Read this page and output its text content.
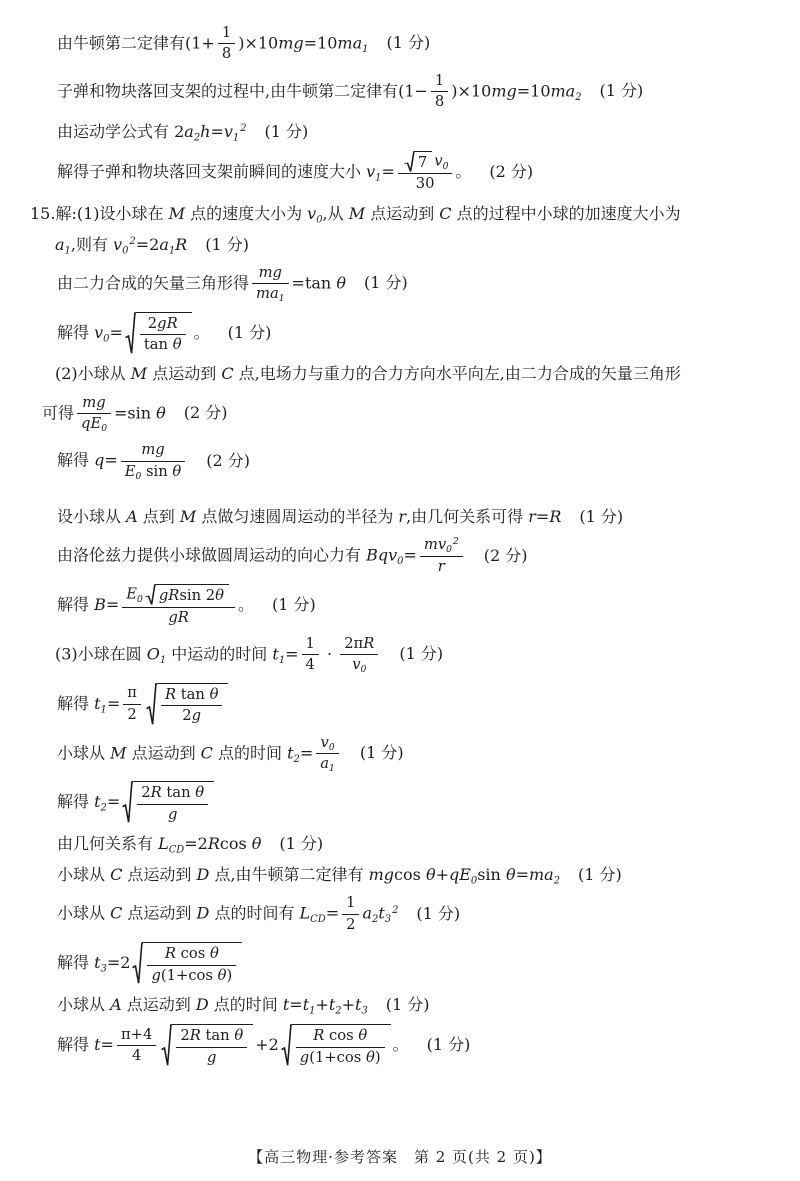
由牛顿第二定律有$(1+ \frac{1}{8} )\times 10mg=10ma_1$ (1 分)
子弹和物块落回支架的过程中,由牛顿第二定律有$(1- \frac{1}{8} )\times 10mg=10ma_2$ (1 分)
由运动学公式有 $2a_2h=v_1^2$ (1 分)
解得子弹和物块落回支架前瞬间的速度大小 $v_1= \frac{7 v_0}{30}$ 。 (2 分)
15.解:(1)设小球在 M 点的速度大小为 $v_0$,从 M 点运动到 C 点的过程中小球的加速度大小为
$a_1$,则有 $v_0^2=2a_1R$ (1 分)
由二力合成的矢量三角形得 $\frac{mg}{ma_1} =\tan$ θ (1 分)
解得 $v_0= \frac{2gR}{\text{tan θ}}$ 。 (1 分)
(2)小球从 M 点运动到 C 点,电场力与重力的合力方向水平向左,由二力合成的矢量三角形
可得 $\frac{mg}{qE_0} =\sin$ θ (2 分)
解得 $q= \frac{mg}{E_0 \sin \theta} (2$ 分)
设小球从 A 点到 M 点做匀速圆周运动的半径为 r,由几何关系可得 r=R (1 分)
由洛伦兹力提供小球做圆周运动的向心力有 $Bqv_0= \frac{mv_0^2}{r} (2$ 分)
解得 $B= \frac{E_0 gR \sin 2 \theta}{gR}$ 。 (1 分)
(3)小球在圆 $O_1$ 中运动的时间 $t_1= \frac{1}{4} \cdot \frac{2\pi R}{v_0} (1$ 分)
解得 $t_1= \frac{\pi}{2} \frac{\text{R tan θ}}{2g}$
小球从 M 点运动到 C 点的时间 $t_2= \frac{v_0}{a_1} (1$ 分)
解得 $t_2= \frac{\text{2R tan θ}}{g}$
由几何关系有 $L_{CD}=2Rcos$ θ (1 分)
小球从 C 点运动到 D 点,由牛顿第二定律有 mgcos $\theta+qE_0\sin$ $\theta=ma_2$ (1 分)
小球从 C 点运动到 D 点的时间有 $L_{CD}= \frac{1}{2} a_2t_3^2$ (1 分)
解得 $t_3=2 \frac{\text{R cos θ}}{\text{g(1+cos θ)}}$
小球从 A 点运动到 D 点的时间 $t=t_1+t_2+t_3$ (1 分)
解得 $t= \frac{\pi+4}{4} \frac{\text{2R tan θ}}{g} +2 \frac{\text{R cos θ}}{\text{g(1+cos θ)}}$ 。 (1 分)
【高三物理·参考答案　第 2 页(共 2 页)】
